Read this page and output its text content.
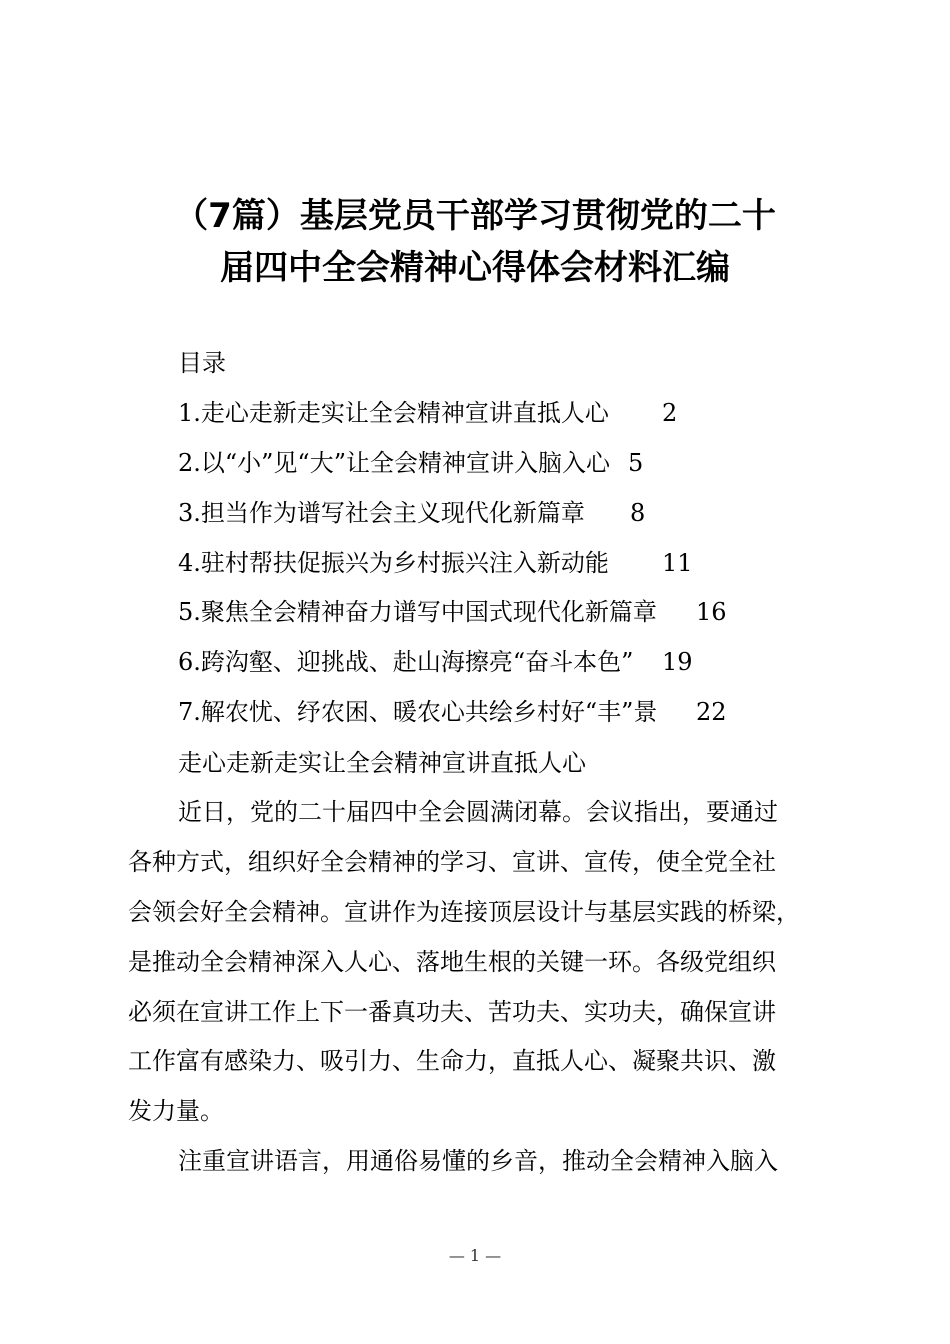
（7篇）基层党员干部学习贯彻党的二十
届四中全会精神心得体会材料汇编
目录
1.走心走新走实让全会精神宣讲直抵人心 2
2.以“小”见“大”让全会精神宣讲入脑入心 5
3.担当作为谱写社会主义现代化新篇章 8
4.驻村帮扶促振兴为乡村振兴注入新动能 11
5.聚焦全会精神奋力谱写中国式现代化新篇章 16
6.跨沟壑、迎挑战、赴山海擦亮“奋斗本色” 19
7.解农忧、纾农困、暖农心共绘乡村好“丰”景 22
走心走新走实让全会精神宣讲直抵人心
近日，党的二十届四中全会圆满闭幕。会议指出，要通过
各种方式，组织好全会精神的学习、宣讲、宣传，使全党全社
会领会好全会精神。宣讲作为连接顶层设计与基层实践的桥梁，
是推动全会精神深入人心、落地生根的关键一环。各级党组织
必须在宣讲工作上下一番真功夫、苦功夫、实功夫，确保宣讲
工作富有感染力、吸引力、生命力，直抵人心、凝聚共识、激
发力量。
注重宣讲语言，用通俗易懂的乡音，推动全会精神入脑入
— 1 —
